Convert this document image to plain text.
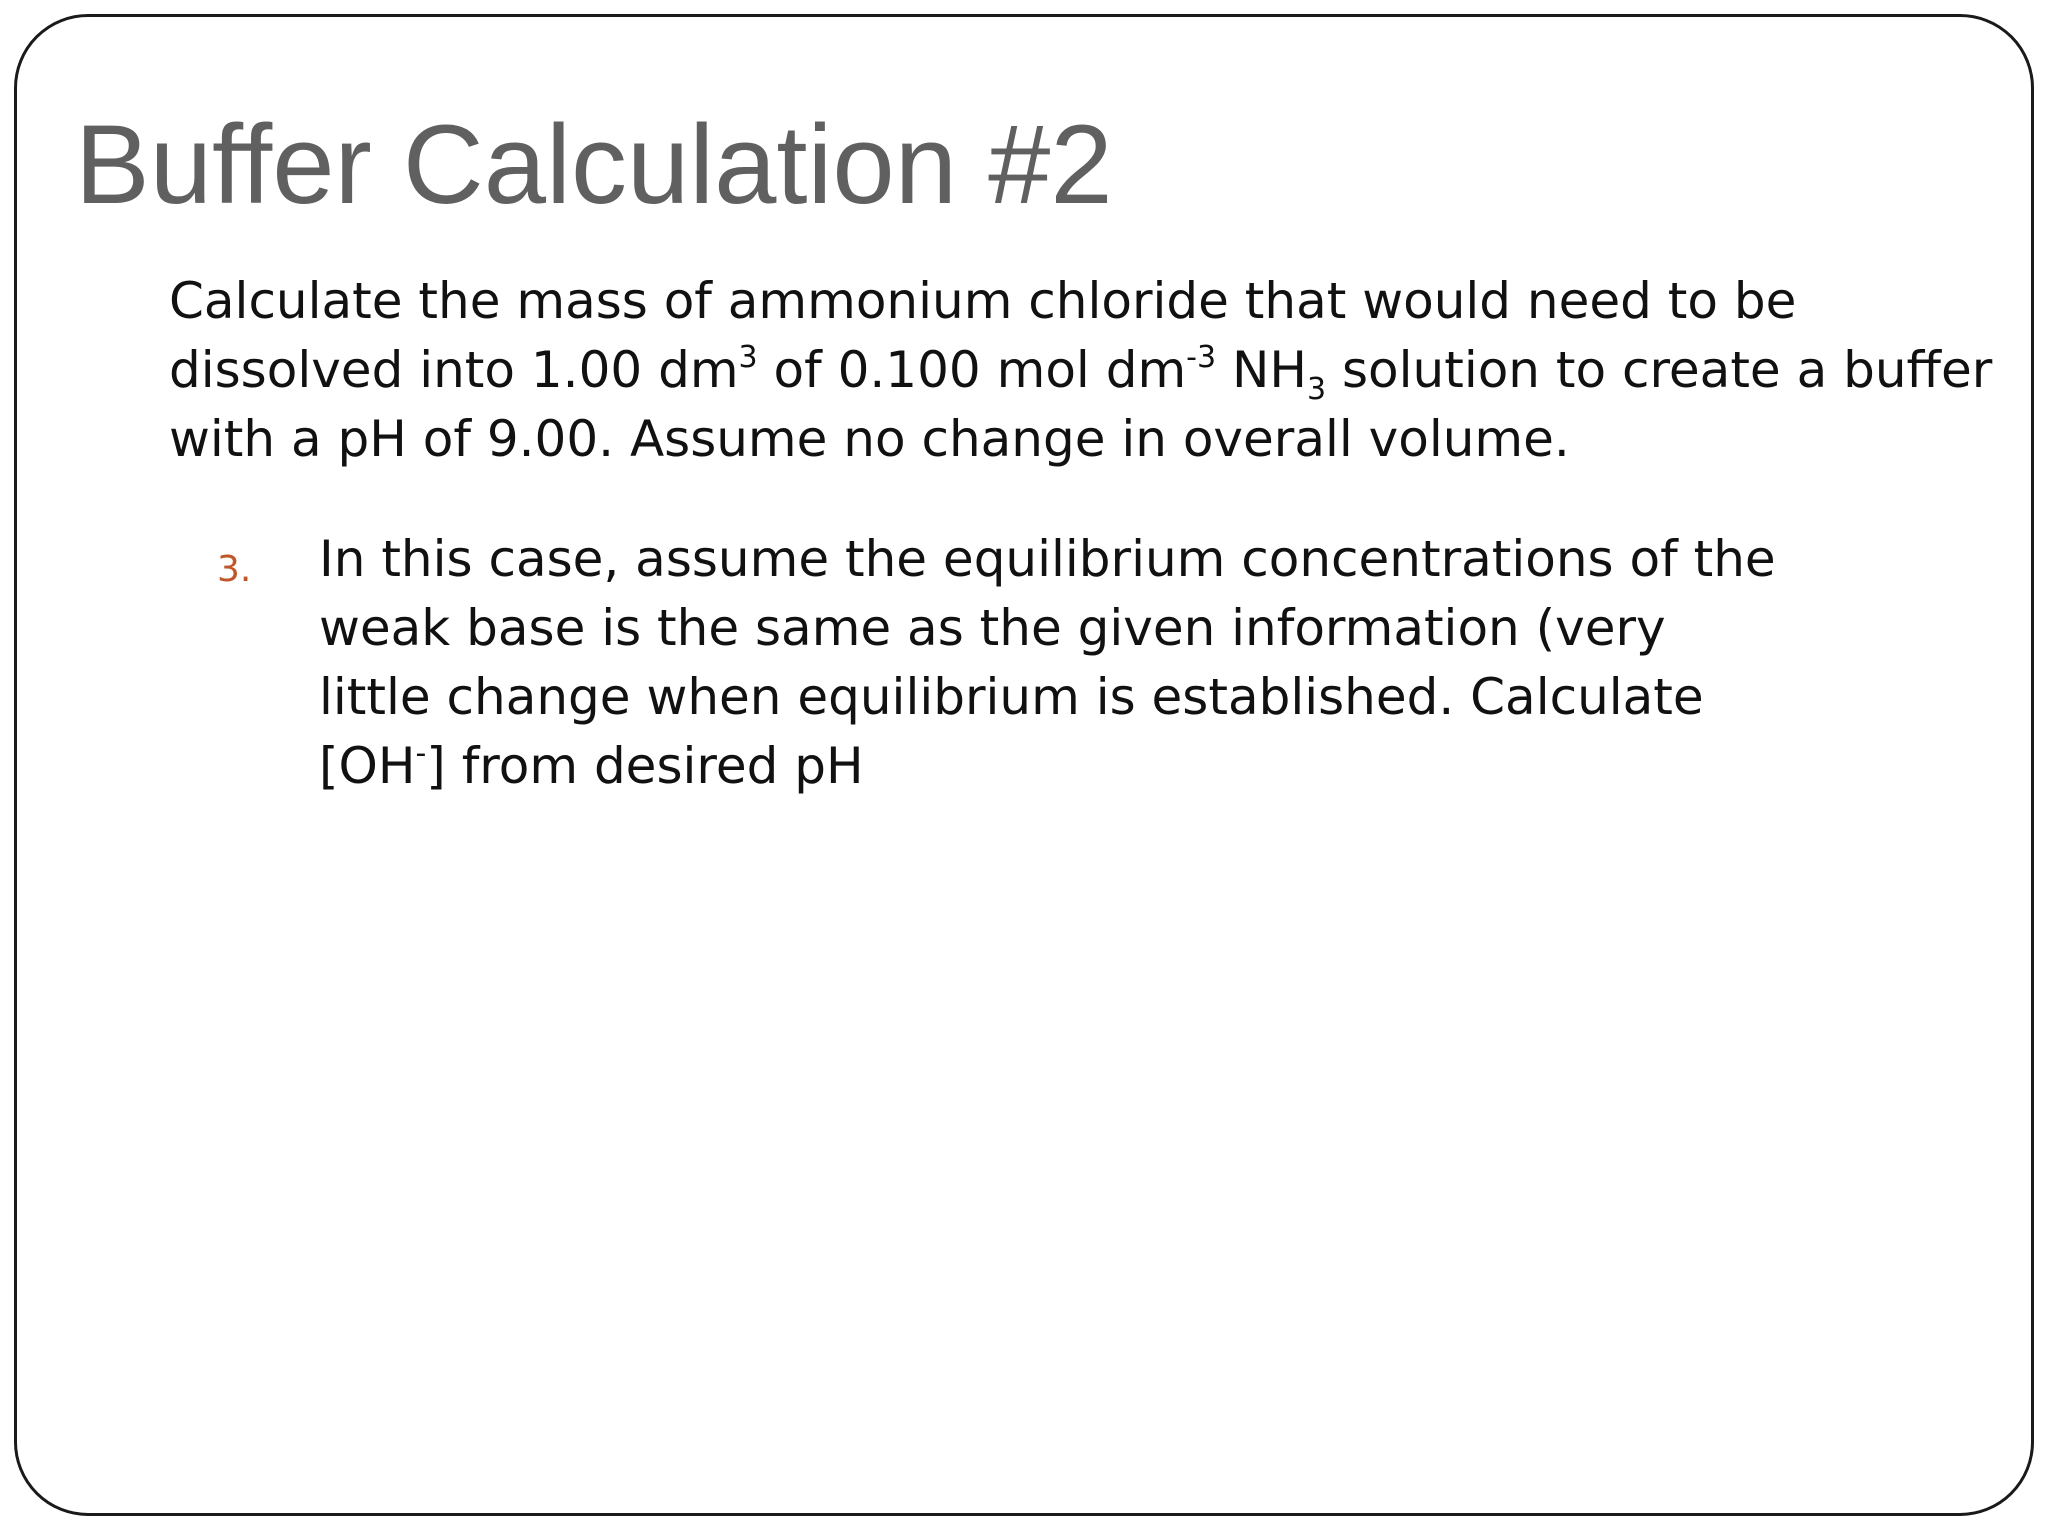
Buffer Calculation #2

Calculate the mass of ammonium chloride that would need to be dissolved into 1.00 $dm^3$ of 0.100 mol $dm^{-3}$ $NH_3$ solution to create a buffer with a pH of 9.00. Assume no change in overall volume.

3.	In this case, assume the equilibrium concentrations of the weak base is the same as the given information (very little change when equilibrium is established. Calculate [OH-] from desired pH
